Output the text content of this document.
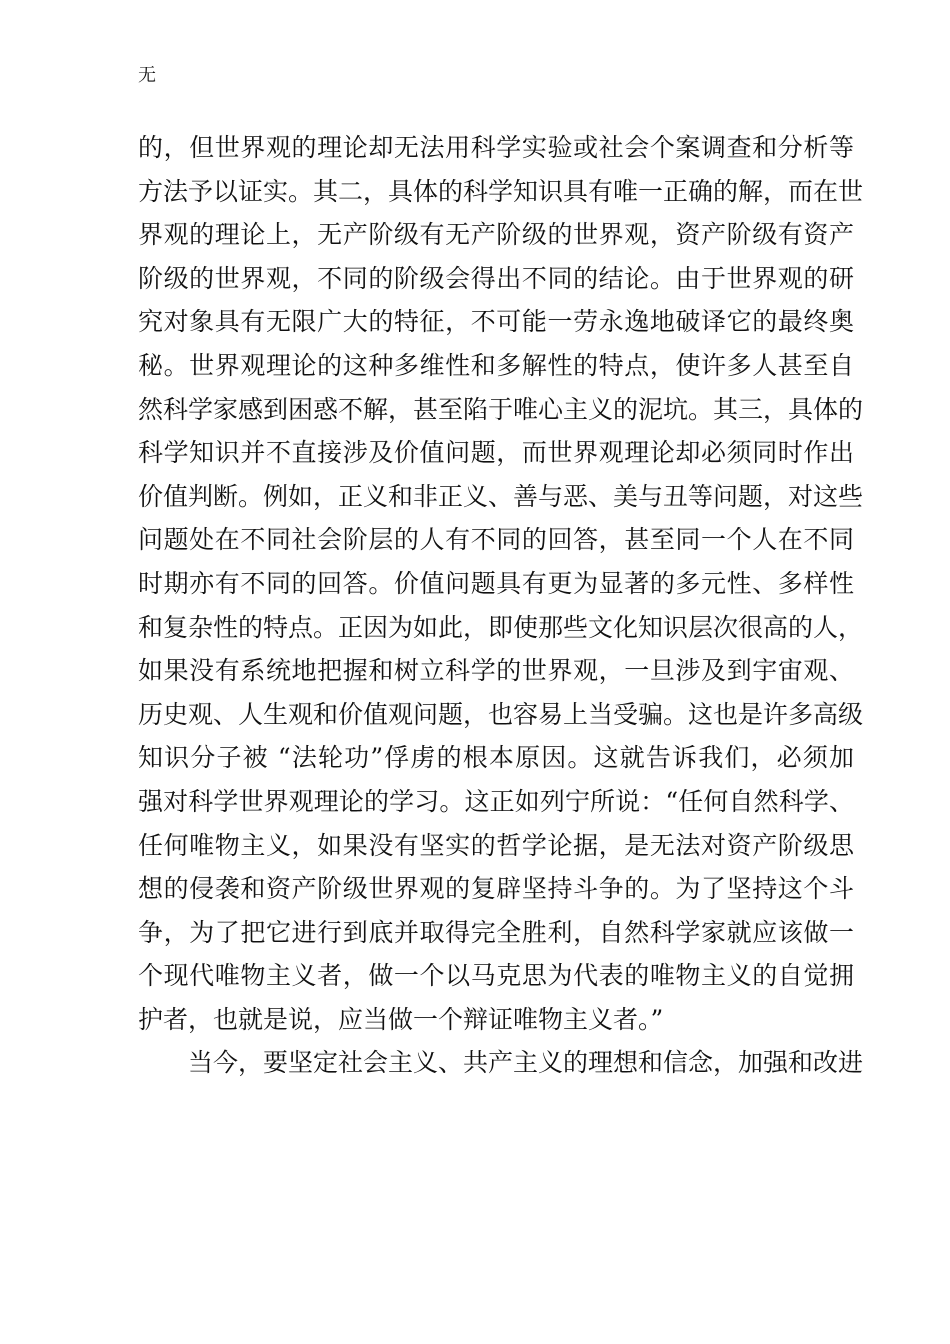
无
的，但世界观的理论却无法用科学实验或社会个案调查和分析等
方法予以证实。其二，具体的科学知识具有唯一正确的解，而在世
界观的理论上，无产阶级有无产阶级的世界观，资产阶级有资产
阶级的世界观，不同的阶级会得出不同的结论。由于世界观的研
究对象具有无限广大的特征，不可能一劳永逸地破译它的最终奥
秘。世界观理论的这种多维性和多解性的特点，使许多人甚至自
然科学家感到困惑不解，甚至陷于唯心主义的泥坑。其三，具体的
科学知识并不直接涉及价值问题，而世界观理论却必须同时作出
价值判断。例如，正义和非正义、善与恶、美与丑等问题，对这些
问题处在不同社会阶层的人有不同的回答，甚至同一个人在不同
时期亦有不同的回答。价值问题具有更为显著的多元性、多样性
和复杂性的特点。正因为如此，即使那些文化知识层次很高的人，
如果没有系统地把握和树立科学的世界观，一旦涉及到宇宙观、
历史观、人生观和价值观问题，也容易上当受骗。这也是许多高级
知识分子被 “法轮功”俘虏的根本原因。这就告诉我们，必须加
强对科学世界观理论的学习。这正如列宁所说：“任何自然科学、
任何唯物主义，如果没有坚实的哲学论据，是无法对资产阶级思
想的侵袭和资产阶级世界观的复辟坚持斗争的。为了坚持这个斗
争，为了把它进行到底并取得完全胜利，自然科学家就应该做一
个现代唯物主义者，做一个以马克思为代表的唯物主义的自觉拥
护者，也就是说，应当做一个辩证唯物主义者。”
当今，要坚定社会主义、共产主义的理想和信念，加强和改进
